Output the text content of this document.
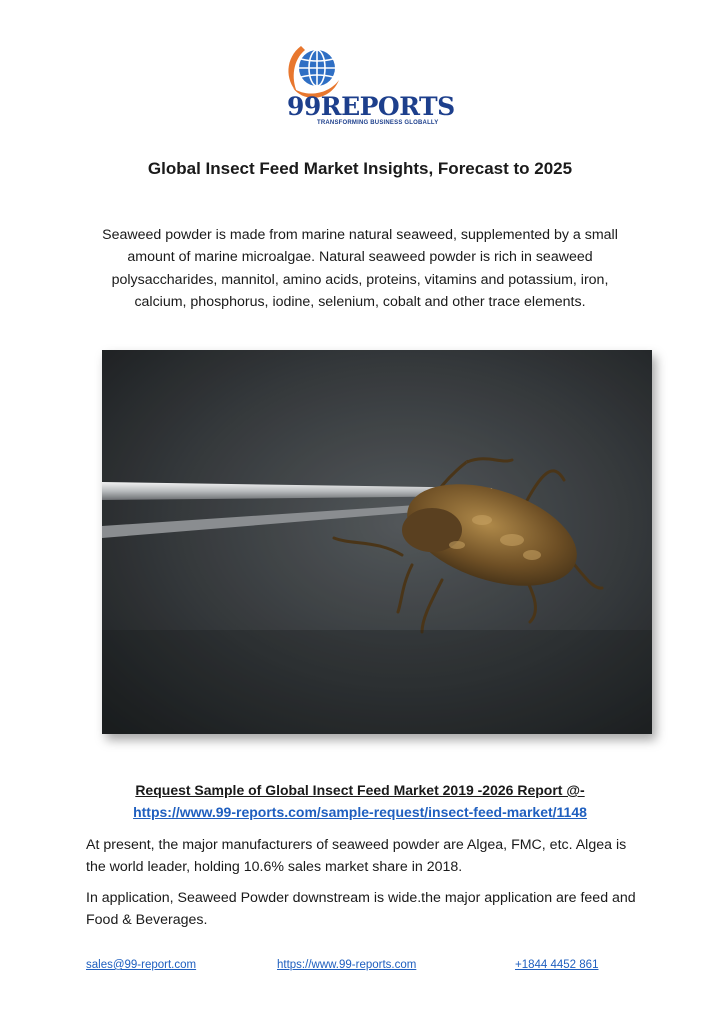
99REPORTS
TRANSFORMING BUSINESS GLOBALLY
Global Insect Feed Market Insights, Forecast to 2025
Seaweed powder is made from marine natural seaweed, supplemented by a small amount of marine microalgae. Natural seaweed powder is rich in seaweed polysaccharides, mannitol, amino acids, proteins, vitamins and potassium, iron, calcium, phosphorus, iodine, selenium, cobalt and other trace elements.
Request Sample of Global Insect Feed Market 2019 -2026 Report @-
https://www.99-reports.com/sample-request/insect-feed-market/1148
At present, the major manufacturers of seaweed powder are Algea, FMC, etc. Algea is the world leader, holding 10.6% sales market share in 2018.
In application, Seaweed Powder downstream is wide.the major application are feed and Food & Beverages.
sales@99-report.com	https://www.99-reports.com	+1844 4452 861
